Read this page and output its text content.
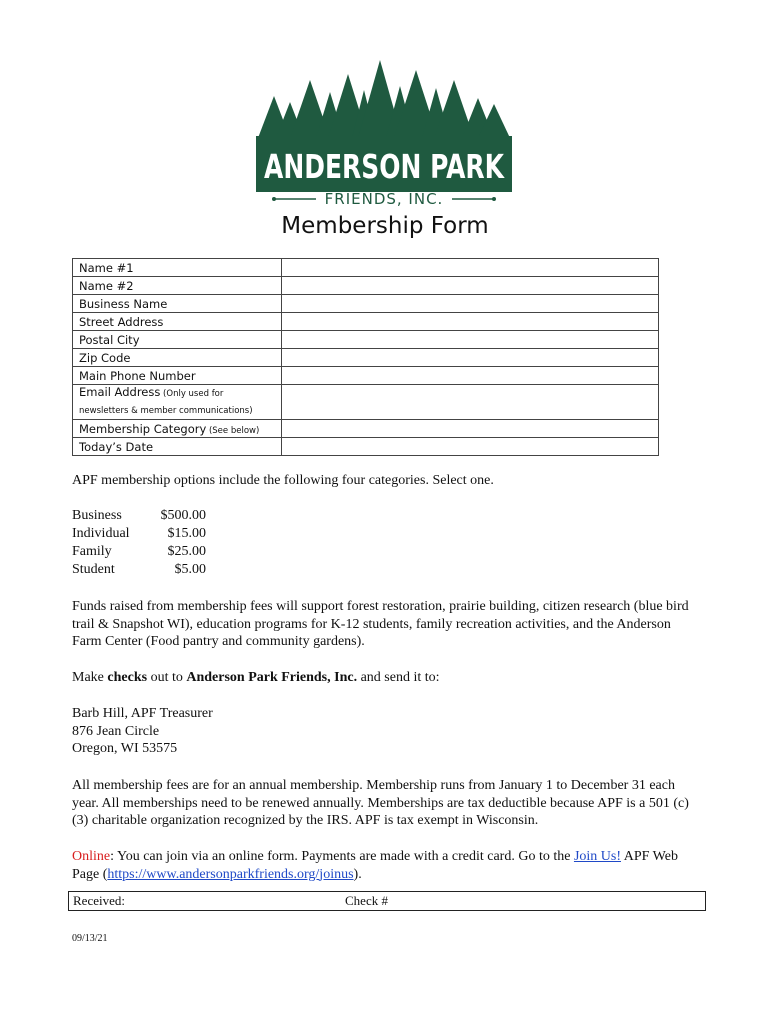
ANDERSON PARK
FRIENDS, INC.
Membership Form
Name #1	
Name #2	
Business Name	
Street Address	
Postal City	
Zip Code	
Main Phone Number	
Email Address (Only used for
newsletters & member communications)	
Membership Category (See below)	
Today’s Date	
APF membership options include the following four categories. Select one.
Business	$500.00
Individual	$15.00
Family	$25.00
Student	$5.00
Funds raised from membership fees will support forest restoration, prairie building, citizen research (blue bird trail & Snapshot WI), education programs for K-12 students, family recreation activities, and the Anderson Farm Center (Food pantry and community gardens).
Make checks out to Anderson Park Friends, Inc. and send it to:
Barb Hill, APF Treasurer
876 Jean Circle
Oregon, WI 53575
All membership fees are for an annual membership. Membership runs from January 1 to December 31 each year. All memberships need to be renewed annually. Memberships are tax deductible because APF is a 501 (c)(3) charitable organization recognized by the IRS. APF is tax exempt in Wisconsin.
Online: You can join via an online form. Payments are made with a credit card. Go to the Join Us! APF Web Page (https://www.andersonparkfriends.org/joinus).
Received:	Check #
09/13/21
